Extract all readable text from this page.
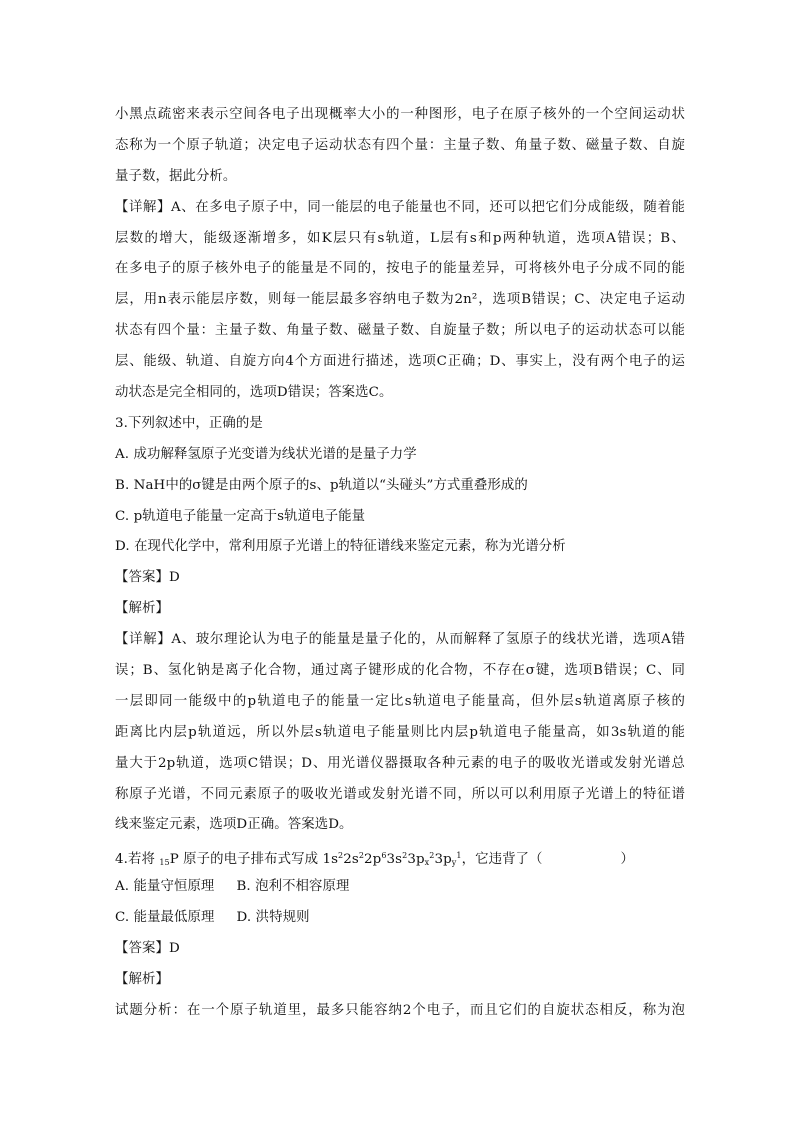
小黑点疏密来表示空间各电子出现概率大小的一种图形，电子在原子核外的一个空间运动状
态称为一个原子轨道；决定电子运动状态有四个量：主量子数、角量子数、磁量子数、自旋
量子数，据此分析。
【详解】A、在多电子原子中，同一能层的电子能量也不同，还可以把它们分成能级，随着能
层数的增大，能级逐渐增多，如K层只有s轨道，L层有s和p两种轨道，选项A错误；B、
在多电子的原子核外电子的能量是不同的，按电子的能量差异，可将核外电子分成不同的能
层，用n表示能层序数，则每一能层最多容纳电子数为2n²，选项B错误；C、决定电子运动
状态有四个量：主量子数、角量子数、磁量子数、自旋量子数；所以电子的运动状态可以能
层、能级、轨道、自旋方向4个方面进行描述，选项C正确；D、事实上，没有两个电子的运
动状态是完全相同的，选项D错误；答案选C。
3.下列叙述中，正确的是
A. 成功解释氢原子光变谱为线状光谱的是量子力学
B. NaH中的σ键是由两个原子的s、p轨道以“头碰头”方式重叠形成的
C. p轨道电子能量一定高于s轨道电子能量
D. 在现代化学中，常利用原子光谱上的特征谱线来鉴定元素，称为光谱分析
【答案】D
【解析】
【详解】A、玻尔理论认为电子的能量是量子化的，从而解释了氢原子的线状光谱，选项A错
误；B、氢化钠是离子化合物，通过离子键形成的化合物，不存在σ键，选项B错误；C、同
一层即同一能级中的p轨道电子的能量一定比s轨道电子能量高，但外层s轨道离原子核的
距离比内层p轨道远，所以外层s轨道电子能量则比内层p轨道电子能量高，如3s轨道的能
量大于2p轨道，选项C错误；D、用光谱仪器摄取各种元素的电子的吸收光谱或发射光谱总
称原子光谱，不同元素原子的吸收光谱或发射光谱不同，所以可以利用原子光谱上的特征谱
线来鉴定元素，选项D正确。答案选D。
4.若将 $_{15}$P 原子的电子排布式写成 $1s^22s^22p^63s^23p_x^23p_y^1$，它违背了（	）
A. 能量守恒原理 B. 泡利不相容原理
C. 能量最低原理 D. 洪特规则
【答案】D
【解析】
试题分析：在一个原子轨道里，最多只能容纳2个电子，而且它们的自旋状态相反，称为泡
